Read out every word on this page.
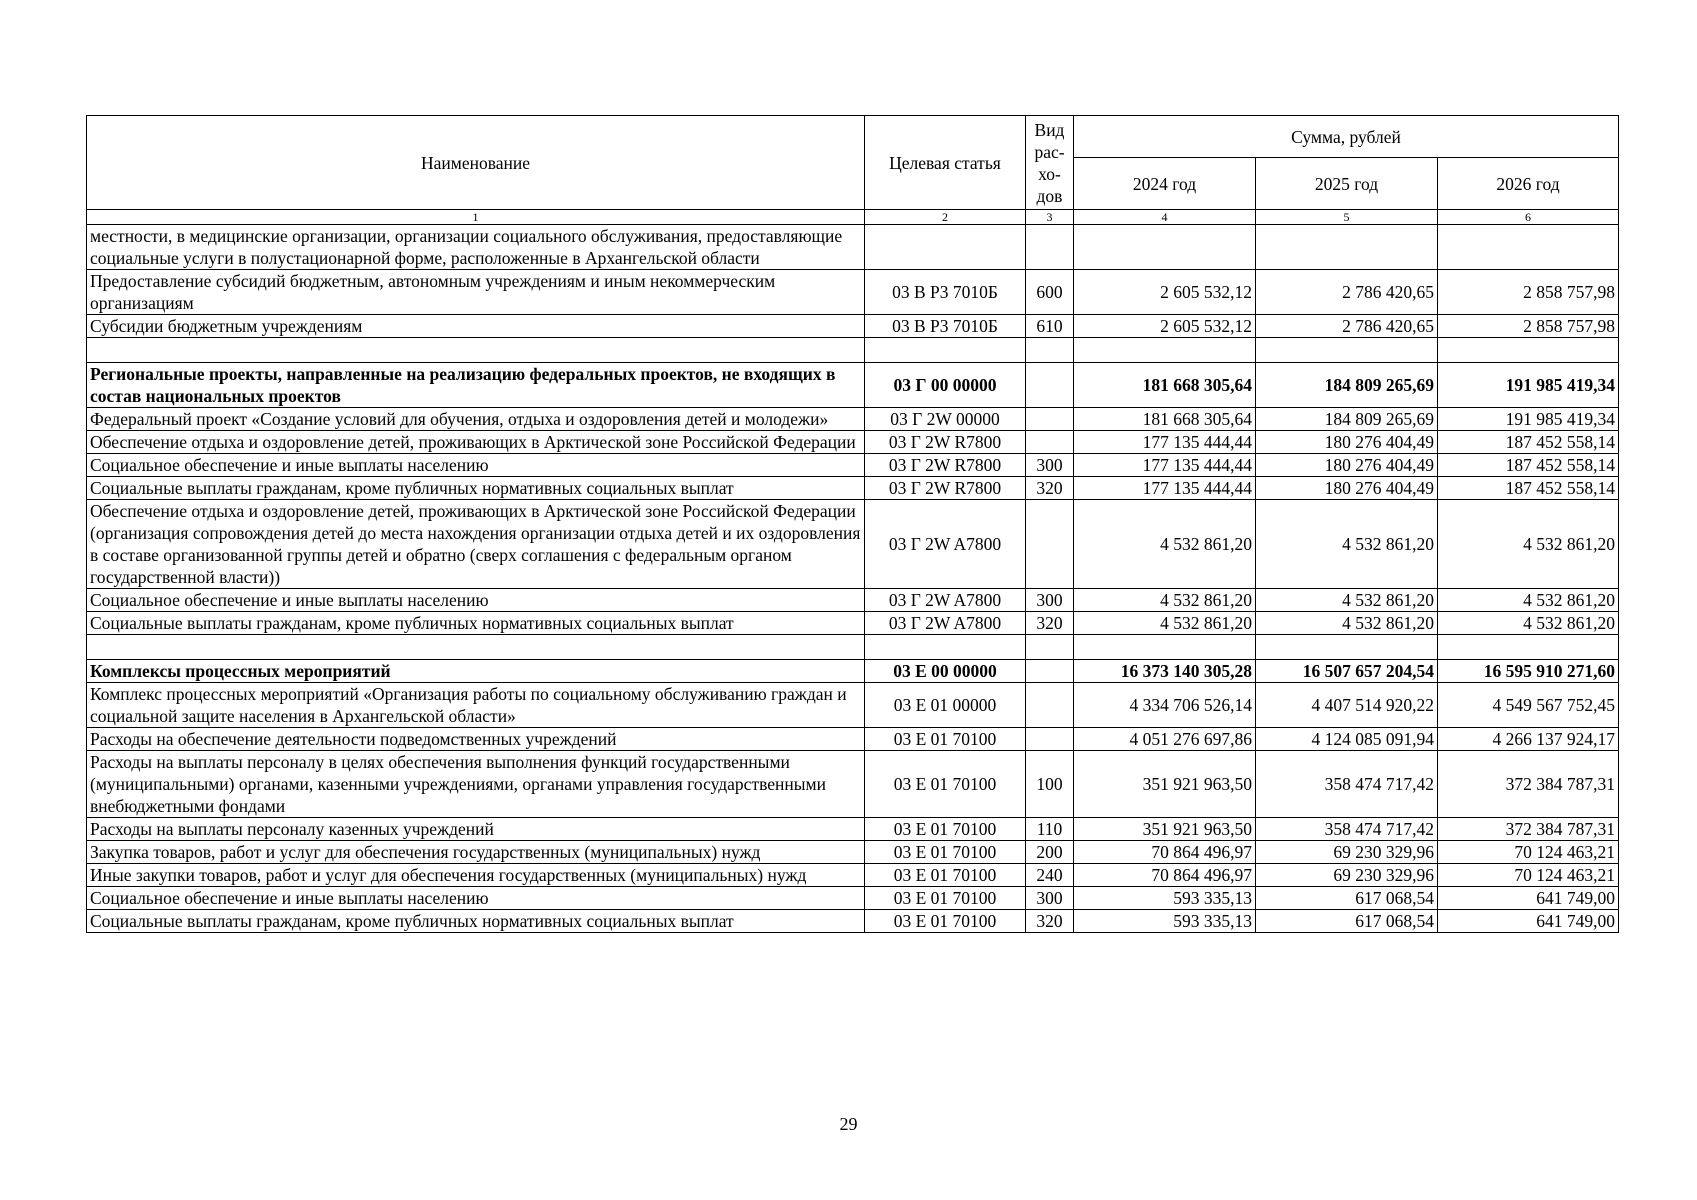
Наименование	Целевая статья	Вид рас-хо-дов	Сумма, рублей		
			2024 год	2025 год	2026 год
1	2	3	4	5	6
местности, в медицинские организации, организации социального обслуживания, предоставляющие социальные услуги в полустационарной форме, расположенные в Архангельской области					
Предоставление субсидий бюджетным, автономным учреждениям и иным некоммерческим организациям	03 В Р3 7010Б	600	2 605 532,12	2 786 420,65	2 858 757,98
Субсидии бюджетным учреждениям	03 В Р3 7010Б	610	2 605 532,12	2 786 420,65	2 858 757,98

Региональные проекты, направленные на реализацию федеральных проектов, не входящих в состав национальных проектов	03 Г 00 00000		181 668 305,64	184 809 265,69	191 985 419,34
Федеральный проект «Создание условий для обучения, отдыха и оздоровления детей и молодежи»	03 Г 2W 00000		181 668 305,64	184 809 265,69	191 985 419,34
Обеспечение отдыха и оздоровление детей, проживающих в Арктической зоне Российской Федерации	03 Г 2W R7800		177 135 444,44	180 276 404,49	187 452 558,14
Социальное обеспечение и иные выплаты населению	03 Г 2W R7800	300	177 135 444,44	180 276 404,49	187 452 558,14
Социальные выплаты гражданам, кроме публичных нормативных социальных выплат	03 Г 2W R7800	320	177 135 444,44	180 276 404,49	187 452 558,14
Обеспечение отдыха и оздоровление детей, проживающих в Арктической зоне Российской Федерации (организация сопровождения детей до места нахождения организации отдыха детей и их оздоровления в составе организованной группы детей и обратно (сверх соглашения с федеральным органом государственной власти))	03 Г 2W A7800		4 532 861,20	4 532 861,20	4 532 861,20
Социальное обеспечение и иные выплаты населению	03 Г 2W A7800	300	4 532 861,20	4 532 861,20	4 532 861,20
Социальные выплаты гражданам, кроме публичных нормативных социальных выплат	03 Г 2W A7800	320	4 532 861,20	4 532 861,20	4 532 861,20

Комплексы процессных мероприятий	03 Е 00 00000		16 373 140 305,28	16 507 657 204,54	16 595 910 271,60
Комплекс процессных мероприятий «Организация работы по социальному обслуживанию граждан и социальной защите населения в Архангельской области»	03 Е 01 00000		4 334 706 526,14	4 407 514 920,22	4 549 567 752,45
Расходы на обеспечение деятельности подведомственных учреждений	03 Е 01 70100		4 051 276 697,86	4 124 085 091,94	4 266 137 924,17
Расходы на выплаты персоналу в целях обеспечения выполнения функций государственными (муниципальными) органами, казенными учреждениями, органами управления государственными внебюджетными фондами	03 Е 01 70100	100	351 921 963,50	358 474 717,42	372 384 787,31
Расходы на выплаты персоналу казенных учреждений	03 Е 01 70100	110	351 921 963,50	358 474 717,42	372 384 787,31
Закупка товаров, работ и услуг для обеспечения государственных (муниципальных) нужд	03 Е 01 70100	200	70 864 496,97	69 230 329,96	70 124 463,21
Иные закупки товаров, работ и услуг для обеспечения государственных (муниципальных) нужд	03 Е 01 70100	240	70 864 496,97	69 230 329,96	70 124 463,21
Социальное обеспечение и иные выплаты населению	03 Е 01 70100	300	593 335,13	617 068,54	641 749,00
Социальные выплаты гражданам, кроме публичных нормативных социальных выплат	03 Е 01 70100	320	593 335,13	617 068,54	641 749,00
29
